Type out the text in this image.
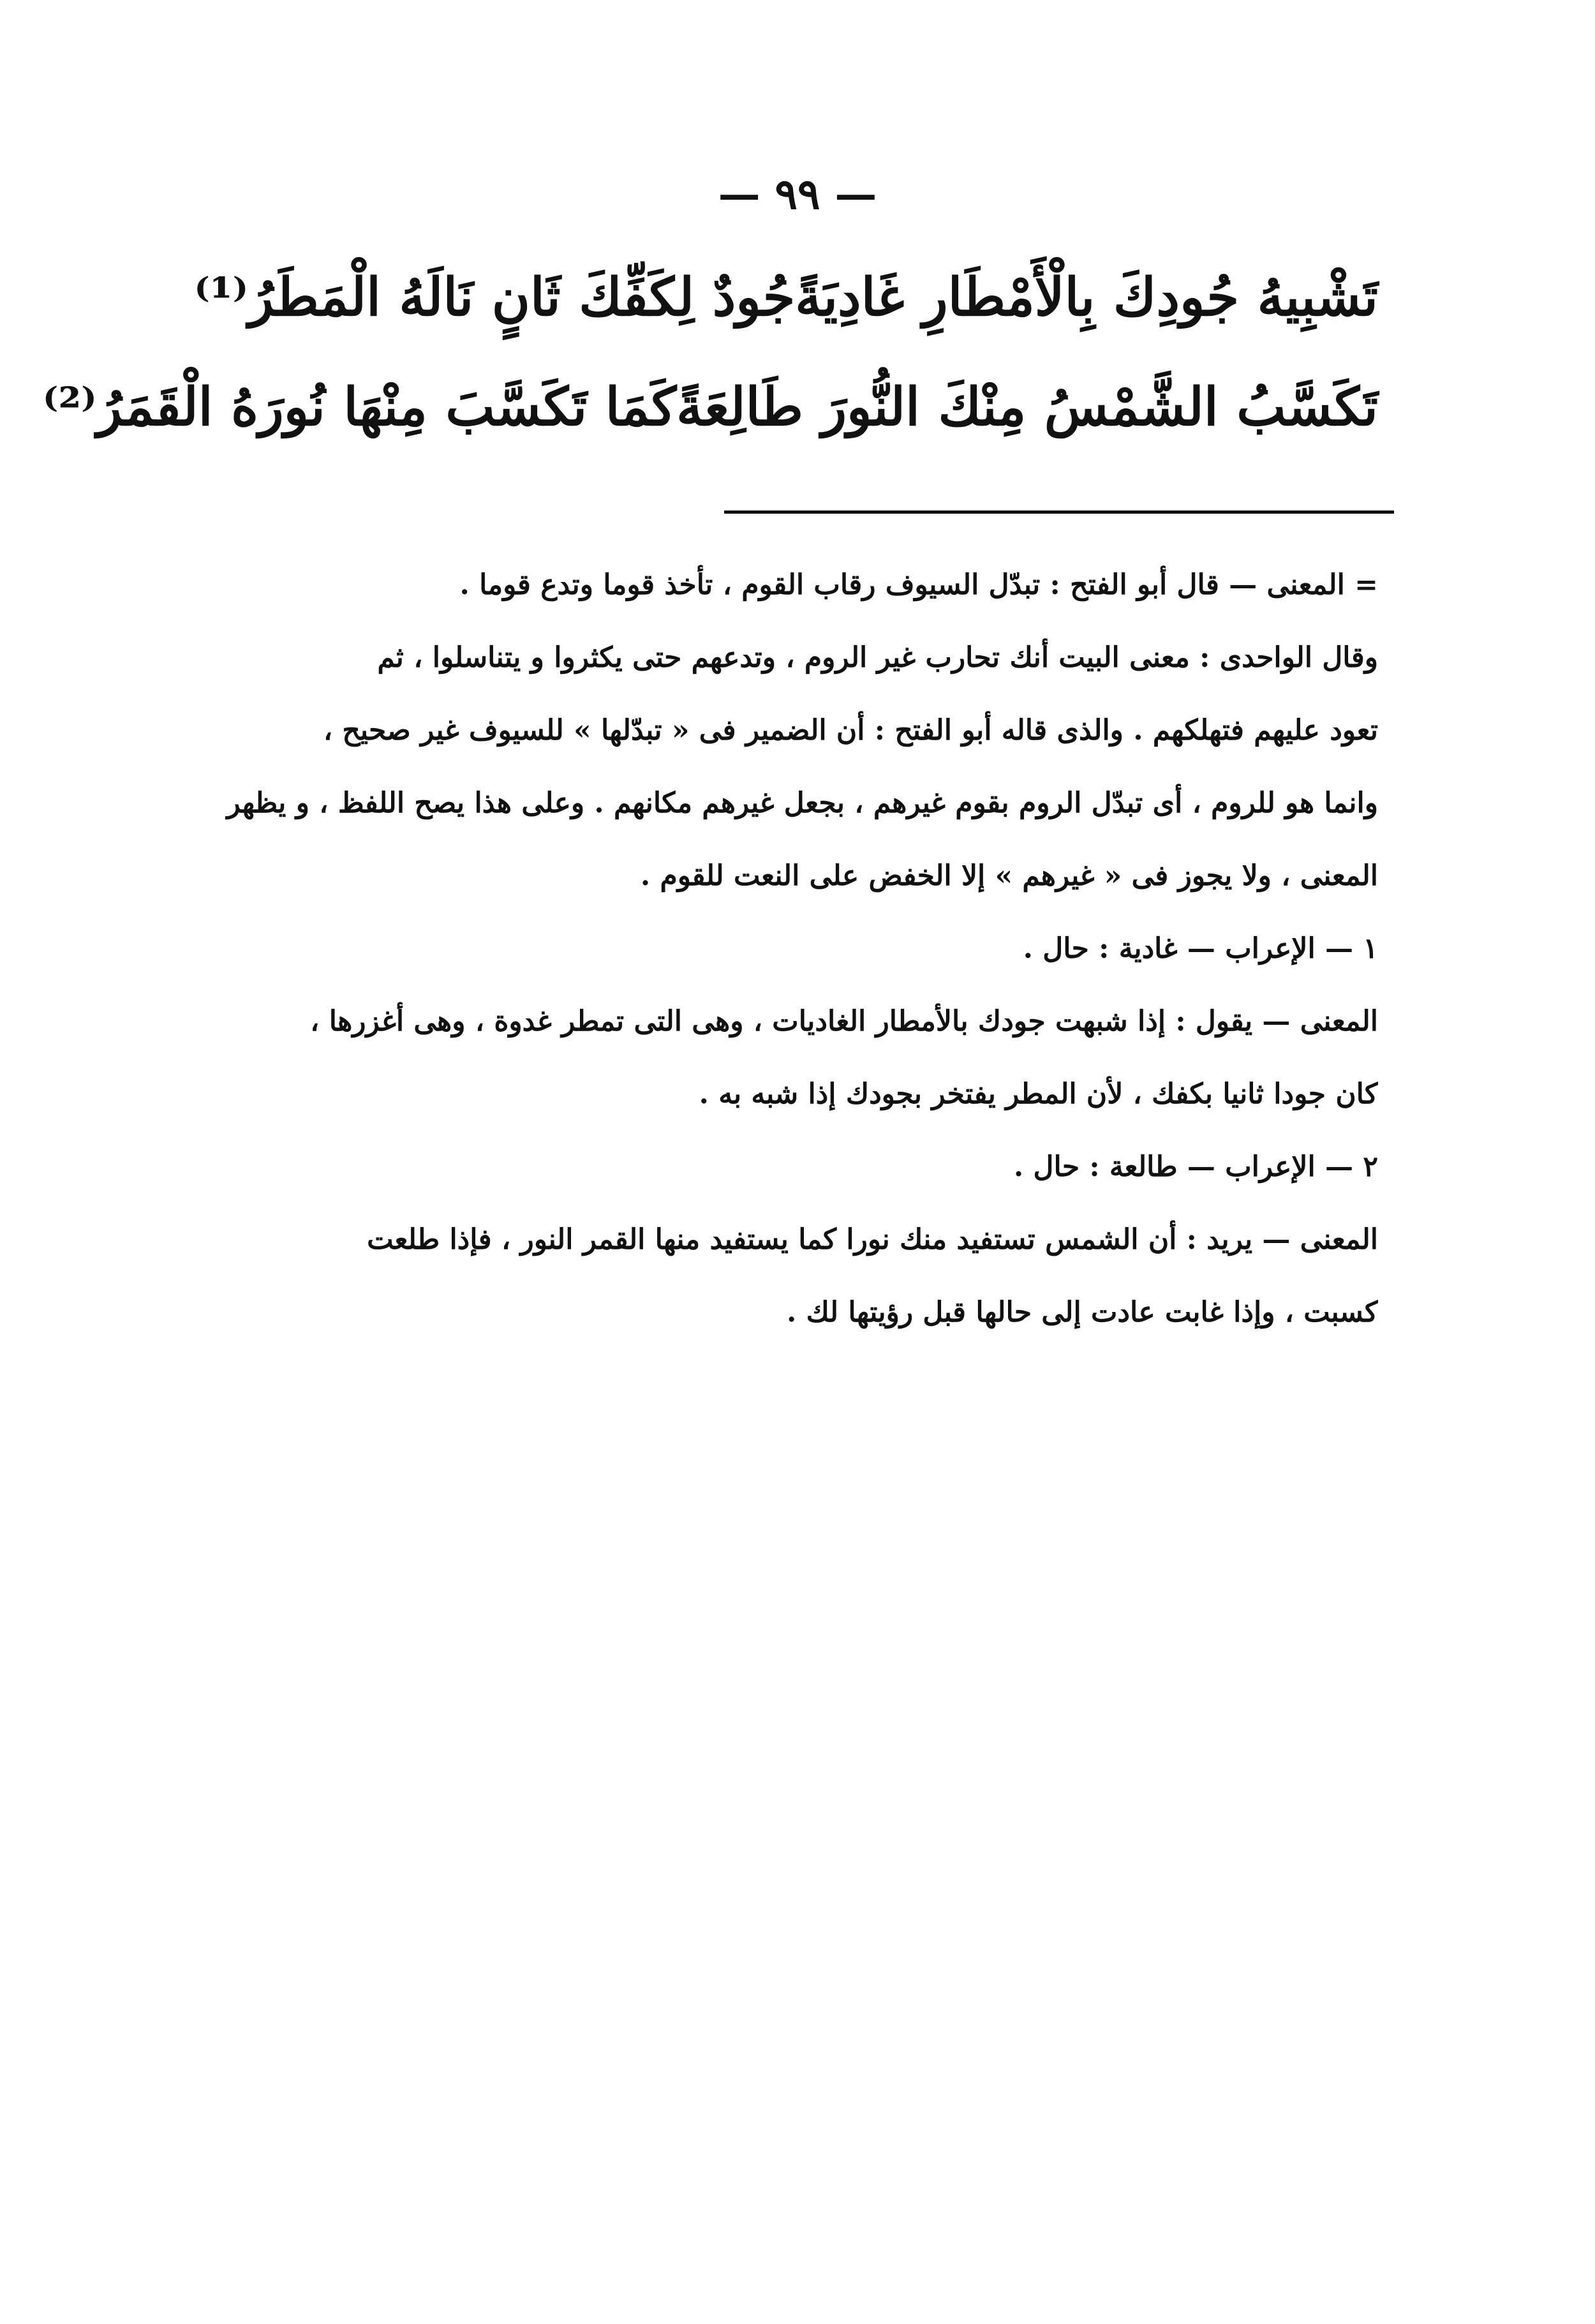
— ٩٩ —
تَشْبِيهُ جُودِكَ بِالْأَمْطَارِ غَادِيَةً
جُودٌ لِكَفِّكَ ثَانٍ نَالَهُ الْمَطَرُ⁽¹⁾
تَكَسَّبُ الشَّمْسُ مِنْكَ النُّورَ طَالِعَةً
كَمَا تَكَسَّبَ مِنْهَا نُورَهُ الْقَمَرُ⁽²⁾
= المعنى — قال أبو الفتح : تبدّل السيوف رقاب القوم ، تأخذ قوما وتدع قوما .
وقال الواحدى : معنى البيت أنك تحارب غير الروم ، وتدعهم حتى يكثروا و يتناسلوا ، ثم
تعود عليهم فتهلكهم . والذى قاله أبو الفتح : أن الضمير فى « تبدّلها » للسيوف غير صحيح ،
وانما هو للروم ، أى تبدّل الروم بقوم غيرهم ، بجعل غيرهم مكانهم . وعلى هذا يصح اللفظ ، و يظهر
المعنى ، ولا يجوز فى « غيرهم » إلا الخفض على النعت للقوم .
١ — الإعراب — غادية : حال .
المعنى — يقول : إذا شبهت جودك بالأمطار الغاديات ، وهى التى تمطر غدوة ، وهى أغزرها ،
كان جودا ثانيا بكفك ، لأن المطر يفتخر بجودك إذا شبه به .
٢ — الإعراب — طالعة : حال .
المعنى — يريد : أن الشمس تستفيد منك نورا كما يستفيد منها القمر النور ، فإذا طلعت
كسبت ، وإذا غابت عادت إلى حالها قبل رؤيتها لك .
